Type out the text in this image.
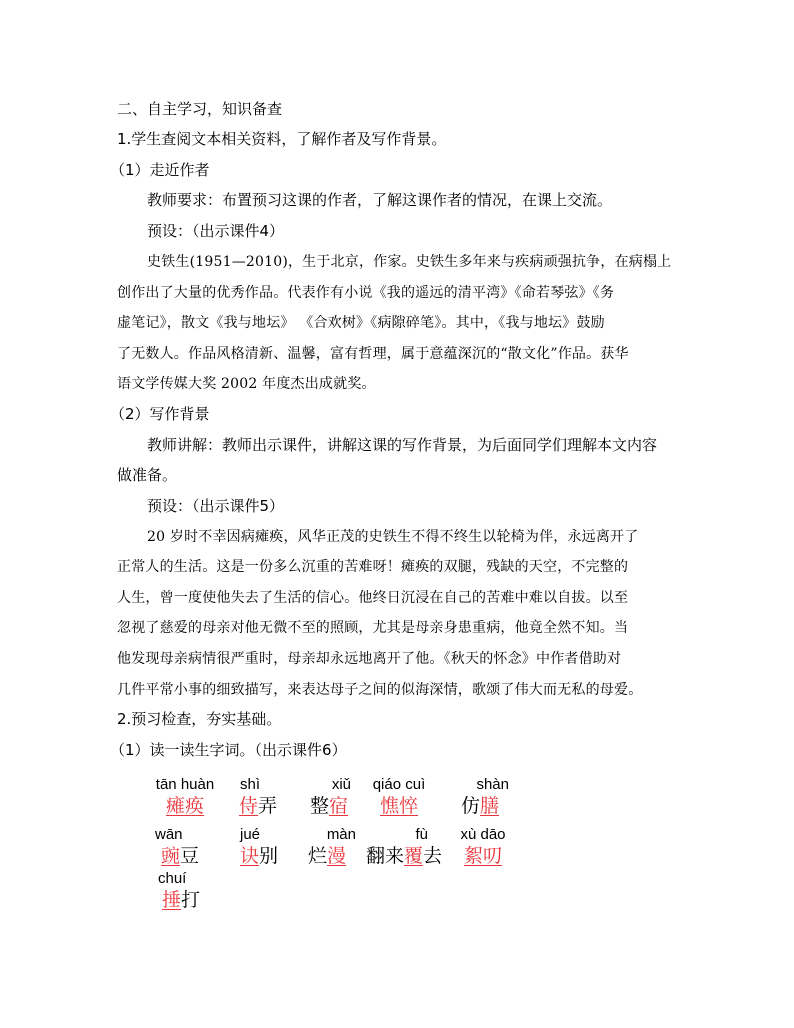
二、自主学习，知识备查
1.学生查阅文本相关资料，了解作者及写作背景。
（1）走近作者
教师要求：布置预习这课的作者，了解这课作者的情况，在课上交流。
预设：（出示课件4）
史铁生(1951—2010)，生于北京，作家。史铁生多年来与疾病顽强抗争，在病榻上
创作出了大量的优秀作品。代表作有小说《我的遥远的清平湾》《命若琴弦》《务
虚笔记》，散文《我与地坛》 《合欢树》《病隙碎笔》。其中，《我与地坛》鼓励
了无数人。作品风格清新、温馨，富有哲理，属于意蕴深沉的“散文化”作品。获华
语文学传媒大奖 2002 年度杰出成就奖。
（2）写作背景
教师讲解：教师出示课件，讲解这课的写作背景，为后面同学们理解本文内容
做准备。
预设：（出示课件5）
20 岁时不幸因病瘫痪，风华正茂的史铁生不得不终生以轮椅为伴，永远离开了
正常人的生活。这是一份多么沉重的苦难呀！瘫痪的双腿，残缺的天空，不完整的
人生，曾一度使他失去了生活的信心。他终日沉浸在自己的苦难中难以自拔。以至
忽视了慈爱的母亲对他无微不至的照顾，尤其是母亲身患重病，他竟全然不知。当
他发现母亲病情很严重时，母亲却永远地离开了他。《秋天的怀念》中作者借助对
几件平常小事的细致描写，来表达母子之间的似海深情，歌颂了伟大而无私的母爱。
2.预习检查，夯实基础。
（1）读一读生字词。（出示课件6）
tān huàn
瘫痪
shì
侍弄
xiǔ
整宿
qiáo cuì
憔悴
shàn
仿膳
wān
豌豆
jué
诀别
màn
烂漫
fù
翻来覆去
xù dāo
絮叨
chuí
捶打
